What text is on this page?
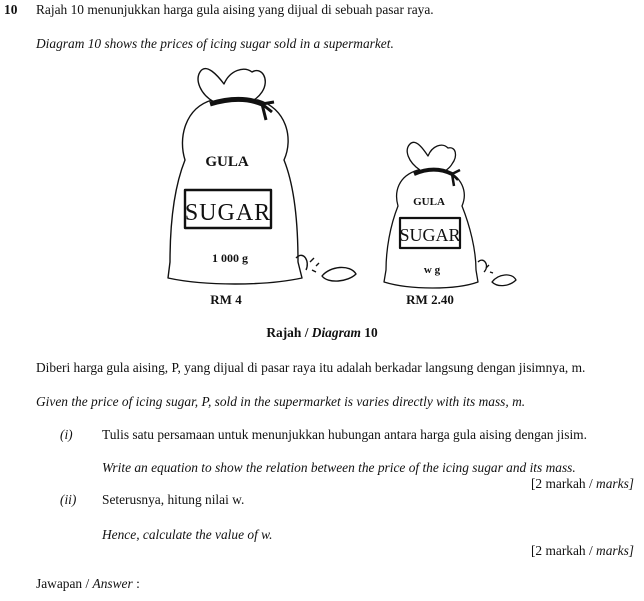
10 Rajah 10 menunjukkan harga gula aising yang dijual di sebuah pasar raya.
Diagram 10 shows the prices of icing sugar sold in a supermarket.
GULA
SUGAR
1 000 g
RM 4
GULA
SUGAR
w g
RM 2.40
Rajah / Diagram 10
Diberi harga gula aising, P, yang dijual di pasar raya itu adalah berkadar langsung dengan jisimnya, m.
Given the price of icing sugar, P, sold in the supermarket is varies directly with its mass, m.
(i) Tulis satu persamaan untuk menunjukkan hubungan antara harga gula aising dengan jisim.
Write an equation to show the relation between the price of the icing sugar and its mass.
[2 markah / marks]
(ii) Seterusnya, hitung nilai w.
Hence, calculate the value of w.
[2 markah / marks]
Jawapan / Answer :
